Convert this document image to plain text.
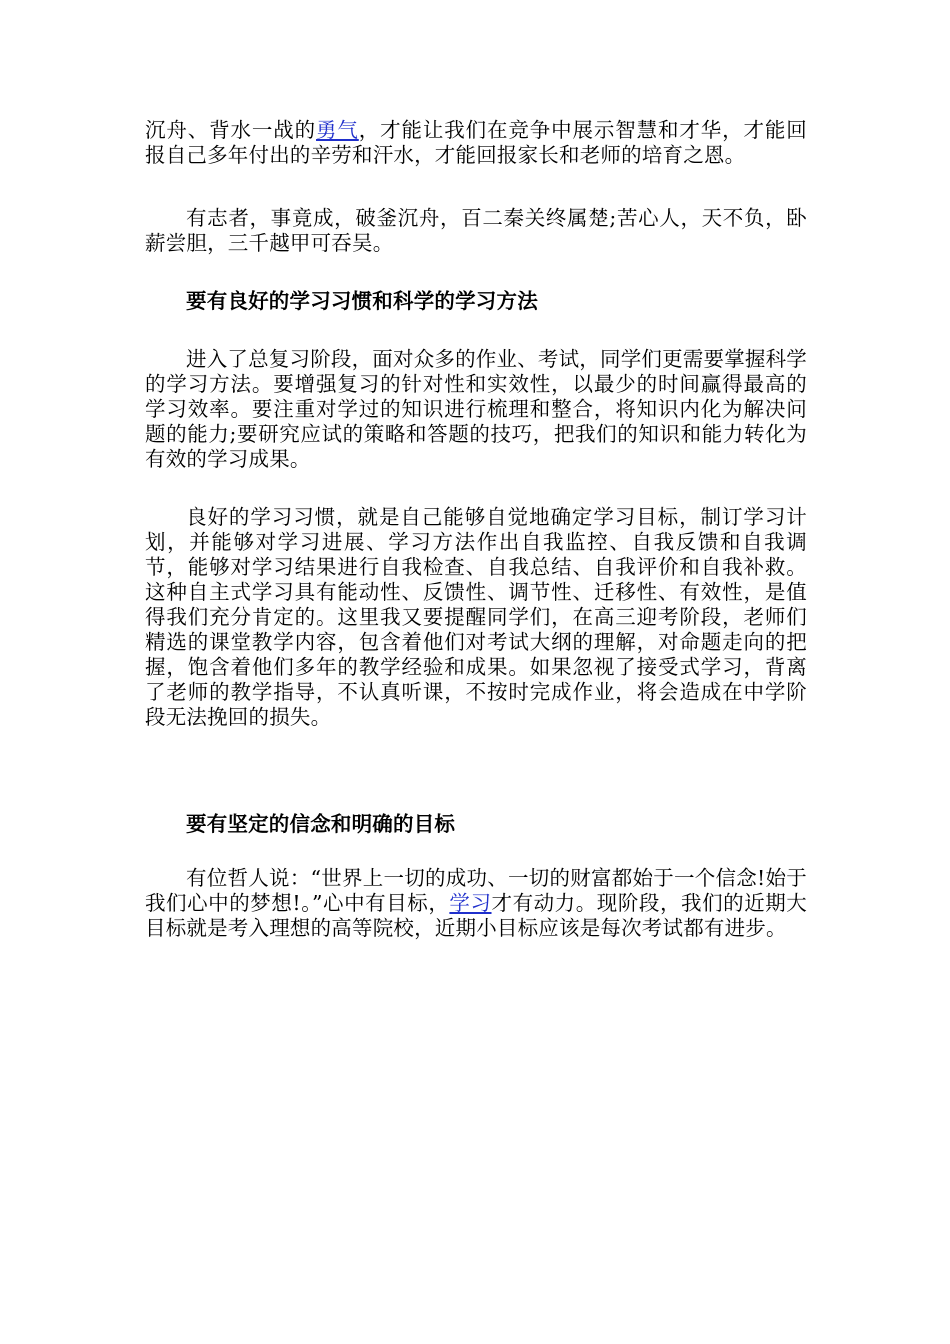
沉舟、背水一战的勇气，才能让我们在竞争中展示智慧和才华，才能回报自己多年付出的辛劳和汗水，才能回报家长和老师的培育之恩。

有志者，事竟成，破釜沉舟，百二秦关终属楚;苦心人，天不负，卧薪尝胆，三千越甲可吞吴。

要有良好的学习习惯和科学的学习方法

进入了总复习阶段，面对众多的作业、考试，同学们更需要掌握科学的学习方法。要增强复习的针对性和实效性，以最少的时间赢得最高的学习效率。要注重对学过的知识进行梳理和整合，将知识内化为解决问题的能力;要研究应试的策略和答题的技巧，把我们的知识和能力转化为有效的学习成果。

良好的学习习惯，就是自己能够自觉地确定学习目标，制订学习计划，并能够对学习进展、学习方法作出自我监控、自我反馈和自我调节，能够对学习结果进行自我检查、自我总结、自我评价和自我补救。这种自主式学习具有能动性、反馈性、调节性、迁移性、有效性，是值得我们充分肯定的。这里我又要提醒同学们，在高三迎考阶段，老师们精选的课堂教学内容，包含着他们对考试大纲的理解，对命题走向的把握，饱含着他们多年的教学经验和成果。如果忽视了接受式学习，背离了老师的教学指导，不认真听课，不按时完成作业，将会造成在中学阶段无法挽回的损失。

要有坚定的信念和明确的目标

有位哲人说：“世界上一切的成功、一切的财富都始于一个信念!始于我们心中的梦想!。”心中有目标，学习才有动力。现阶段，我们的近期大目标就是考入理想的高等院校，近期小目标应该是每次考试都有进步。
